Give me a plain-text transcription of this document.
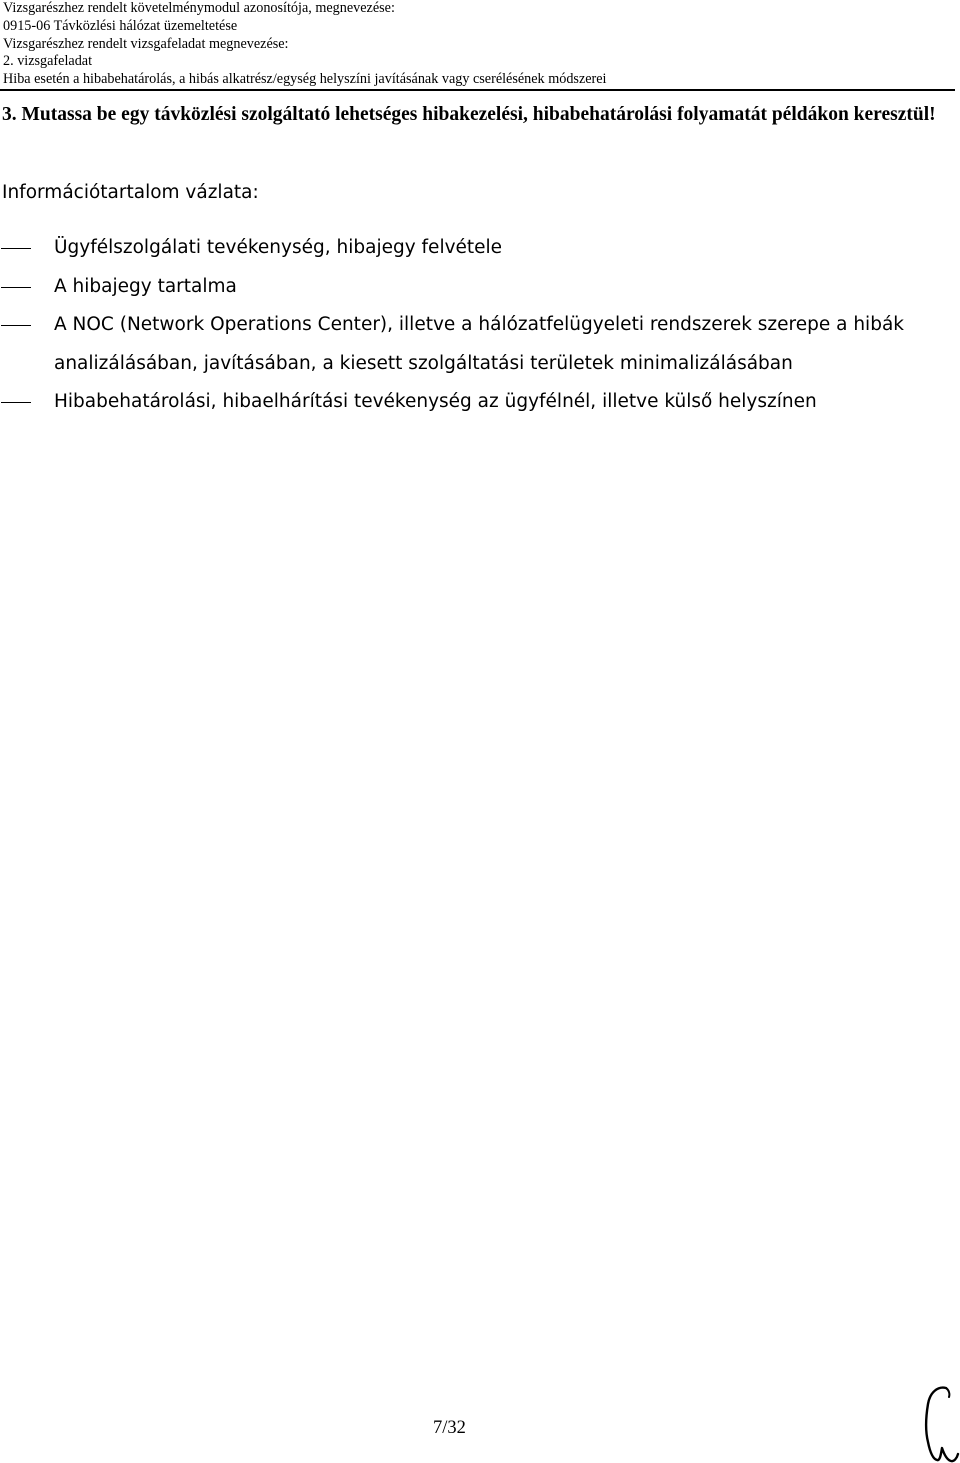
Vizsgarészhez rendelt követelménymodul azonosítója, megnevezése:
0915-06 Távközlési hálózat üzemeltetése
Vizsgarészhez rendelt vizsgafeladat megnevezése:
2. vizsgafeladat
Hiba esetén a hibabehatárolás, a hibás alkatrész/egység helyszíni javításának vagy cserélésének módszerei
3. Mutassa be egy távközlési szolgáltató lehetséges hibakezelési, hibabehatárolási folyamatát példákon keresztül!
Információtartalom vázlata:
Ügyfélszolgálati tevékenység, hibajegy felvétele
A hibajegy tartalma
A NOC (Network Operations Center), illetve a hálózatfelügyeleti rendszerek szerepe a hibák analizálásában, javításában, a kiesett szolgáltatási területek minimalizálásában
Hibabehatárolási, hibaelhárítási tevékenység az ügyfélnél, illetve külső helyszínen
7/32
